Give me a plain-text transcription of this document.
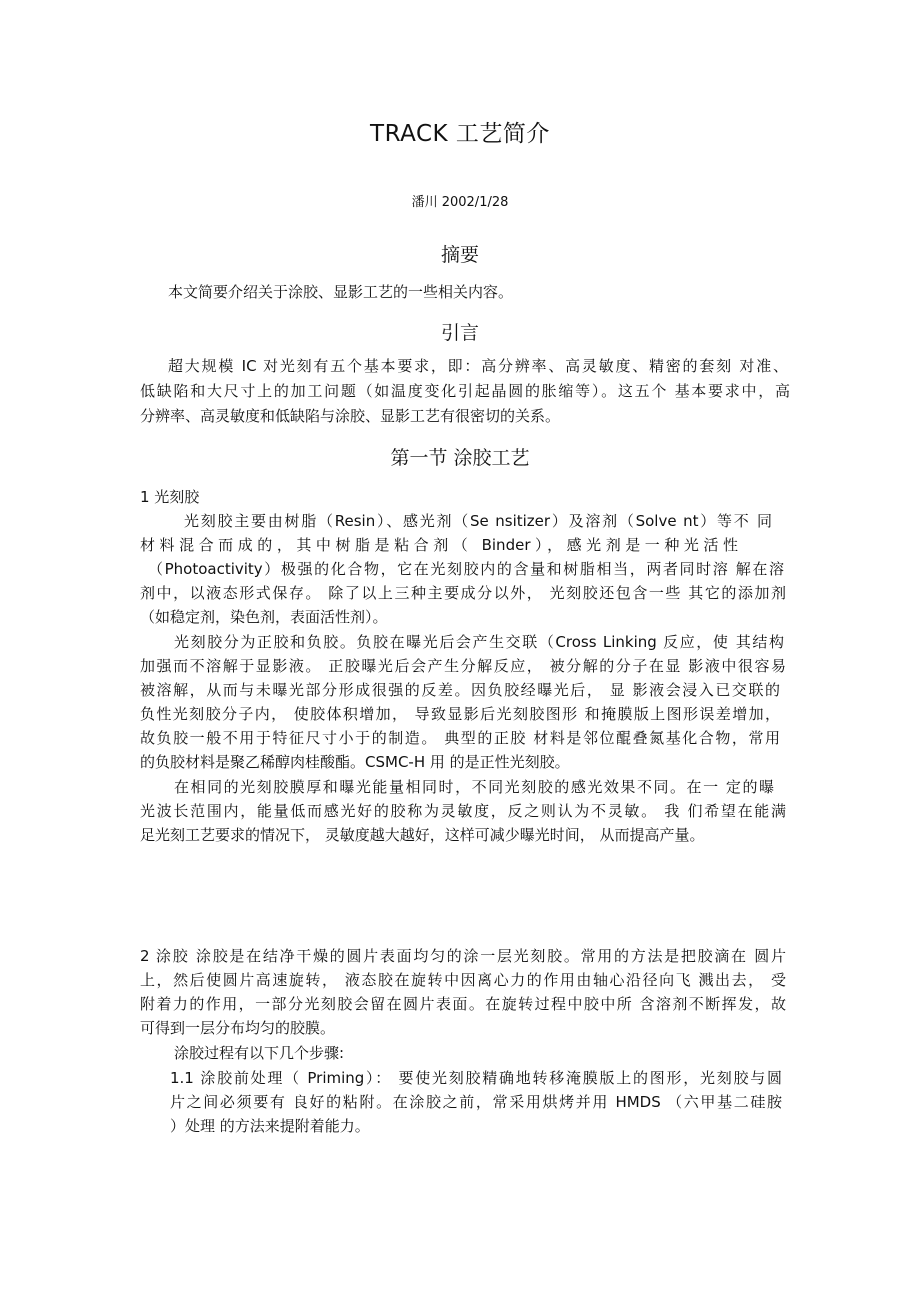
TRACK 工艺简介
潘川 2002/1/28
摘要
本文简要介绍关于涂胶、显影工艺的一些相关内容。
引言
超大规模 IC 对光刻有五个基本要求，即：高分辨率、高灵敏度、精密的套刻 对准、
低缺陷和大尺寸上的加工问题（如温度变化引起晶圆的胀缩等）。这五个 基本要求中，高
分辨率、高灵敏度和低缺陷与涂胶、显影工艺有很密切的关系。
第一节 涂胶工艺
1 光刻胶
光刻胶主要由树脂（Resin）、感光剂（Se nsitizer）及溶剂（Solve nt）等不 同
材料混合而成的，其中树脂是粘合剂（ Binder），感光剂是一种光活性
（Photoactivity）极强的化合物，它在光刻胶内的含量和树脂相当，两者同时溶 解在溶
剂中，以液态形式保存。 除了以上三种主要成分以外， 光刻胶还包含一些 其它的添加剂
（如稳定剂，染色剂，表面活性剂）。
光刻胶分为正胶和负胶。负胶在曝光后会产生交联（Cross Linking 反应，使 其结构
加强而不溶解于显影液。 正胶曝光后会产生分解反应， 被分解的分子在显 影液中很容易
被溶解，从而与未曝光部分形成很强的反差。因负胶经曝光后， 显 影液会浸入已交联的
负性光刻胶分子内， 使胶体积增加， 导致显影后光刻胶图形 和掩膜版上图形误差增加，
故负胶一般不用于特征尺寸小于的制造。 典型的正胶 材料是邻位醌叠氮基化合物，常用
的负胶材料是聚乙稀醇肉桂酸酯。CSMC-H 用 的是正性光刻胶。
在相同的光刻胶膜厚和曝光能量相同时，不同光刻胶的感光效果不同。在一 定的曝
光波长范围内，能量低而感光好的胶称为灵敏度，反之则认为不灵敏。 我 们希望在能满
足光刻工艺要求的情况下， 灵敏度越大越好，这样可减少曝光时间， 从而提高产量。
2 涂胶 涂胶是在结净干燥的圆片表面均匀的涂一层光刻胶。常用的方法是把胶滴在 圆片
上，然后使圆片高速旋转， 液态胶在旋转中因离心力的作用由轴心沿径向飞 溅出去， 受
附着力的作用，一部分光刻胶会留在圆片表面。在旋转过程中胶中所 含溶剂不断挥发，故
可得到一层分布均匀的胶膜。
涂胶过程有以下几个步骤:
1.1 涂胶前处理（ Priming）： 要使光刻胶精确地转移淹膜版上的图形，光刻胶与圆
片之间必须要有 良好的粘附。在涂胶之前，常采用烘烤并用 HMDS （六甲基二硅胺
）处理 的方法来提附着能力。
